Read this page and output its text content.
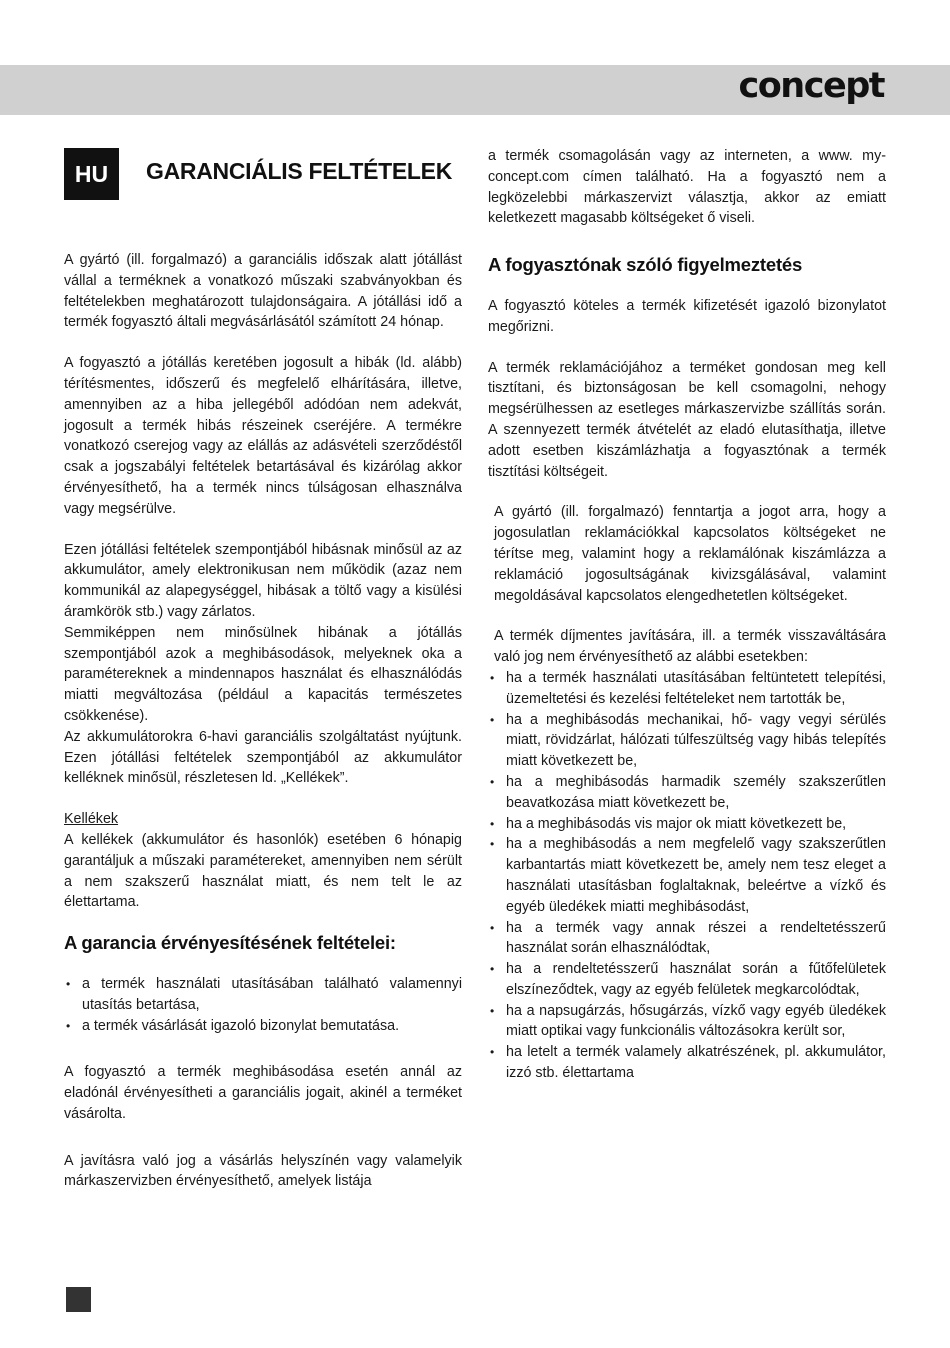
concept
HU	GARANCIÁLIS FELTÉTELEK

A gyártó (ill. forgalmazó) a garanciális időszak alatt jótállást vállal a terméknek a vonatkozó műszaki szabványokban és feltételekben meghatározott tulajdonságaira. A jótállási idő a termék fogyasztó általi megvásárlásától számított 24 hónap.

A fogyasztó a jótállás keretében jogosult a hibák (ld. alább) térítésmentes, időszerű és megfelelő elhárítására, illetve, amennyiben az a hiba jellegéből adódóan nem adekvát, jogosult a termék hibás részeinek cseréjére. A termékre vonatkozó cserejog vagy az elállás az adásvételi szerződéstől csak a jogszabályi feltételek betartásával és kizárólag akkor érvényesíthető, ha a termék nincs túlságosan elhasználva vagy megsérülve.

Ezen jótállási feltételek szempontjából hibásnak minősül az az akkumulátor, amely elektronikusan nem működik (azaz nem kommunikál az alapegységgel, hibásak a töltő vagy a kisülési áramkörök stb.) vagy zárlatos.

Semmiképpen nem minősülnek hibának a jótállás szempontjából azok a meghibásodások, melyeknek oka a paramétereknek a mindennapos használat és elhasználódás miatti megváltozása (például a kapacitás természetes csökkenése).

Az akkumulátorokra 6-havi garanciális szolgáltatást nyújtunk. Ezen jótállási feltételek szempontjából az akkumulátor kelléknek minősül, részletesen ld. „Kellékek”.

Kellékek

A kellékek (akkumulátor és hasonlók) esetében 6 hónapig garantáljuk a műszaki paramétereket, amennyiben nem sérült a nem szakszerű használat miatt, és nem telt le az élettartama.

A garancia érvényesítésének feltételei:
• a termék használati utasításában található valamennyi utasítás betartása,
• a termék vásárlását igazoló bizonylat bemutatása.

A fogyasztó a termék meghibásodása esetén annál az eladónál érvényesítheti a garanciális jogait, akinél a terméket vásárolta.

A javításra való jog a vásárlás helyszínén vagy valamelyik márkaszervizben érvényesíthető, amelyek listája

a termék csomagolásán vagy az interneten, a www. my-concept.com címen található. Ha a fogyasztó nem a legközelebbi márkaszervizt választja, akkor az emiatt keletkezett magasabb költségeket ő viseli.

A fogyasztónak szóló figyelmeztetés

A fogyasztó köteles a termék kifizetését igazoló bizonylatot megőrizni.

A termék reklamációjához a terméket gondosan meg kell tisztítani, és biztonságosan be kell csomagolni, nehogy megsérülhessen az esetleges márkaszervizbe szállítás során. A szennyezett termék átvételét az eladó elutasíthatja, illetve adott esetben kiszámlázhatja a fogyasztónak a termék tisztítási költségeit.

A gyártó (ill. forgalmazó) fenntartja a jogot arra, hogy a jogosulatlan reklamációkkal kapcsolatos költségeket ne térítse meg, valamint hogy a reklamálónak kiszámlázza a reklamáció jogosultságának kivizsgálásával, valamint megoldásával kapcsolatos elengedhetetlen költségeket.

A termék díjmentes javítására, ill. a termék visszaváltására való jog nem érvényesíthető az alábbi esetekben:

• ha a termék használati utasításában feltüntetett telepítési, üzemeltetési és kezelési feltételeket nem tartották be,
• ha a meghibásodás mechanikai, hő- vagy vegyi sérülés miatt, rövidzárlat, hálózati túlfeszültség vagy hibás telepítés miatt következett be,
• ha a meghibásodás harmadik személy szakszerűtlen beavatkozása miatt következett be,
• ha a meghibásodás vis major ok miatt következett be,
• ha a meghibásodás a nem megfelelő vagy szakszerűtlen karbantartás miatt következett be, amely nem tesz eleget a használati utasításban foglaltaknak, beleértve a vízkő és egyéb üledékek miatti meghibásodást,
• ha a termék vagy annak részei a rendeltetésszerű használat során elhasználódtak,
• ha a rendeltetésszerű használat során a fűtőfelületek elszíneződtek, vagy az egyéb felületek megkarcolódtak,
• ha a napsugárzás, hősugárzás, vízkő vagy egyéb üledékek miatt optikai vagy funkcionális változásokra került sor,
• ha letelt a termék valamely alkatrészének, pl. akkumulátor, izzó stb. élettartama
